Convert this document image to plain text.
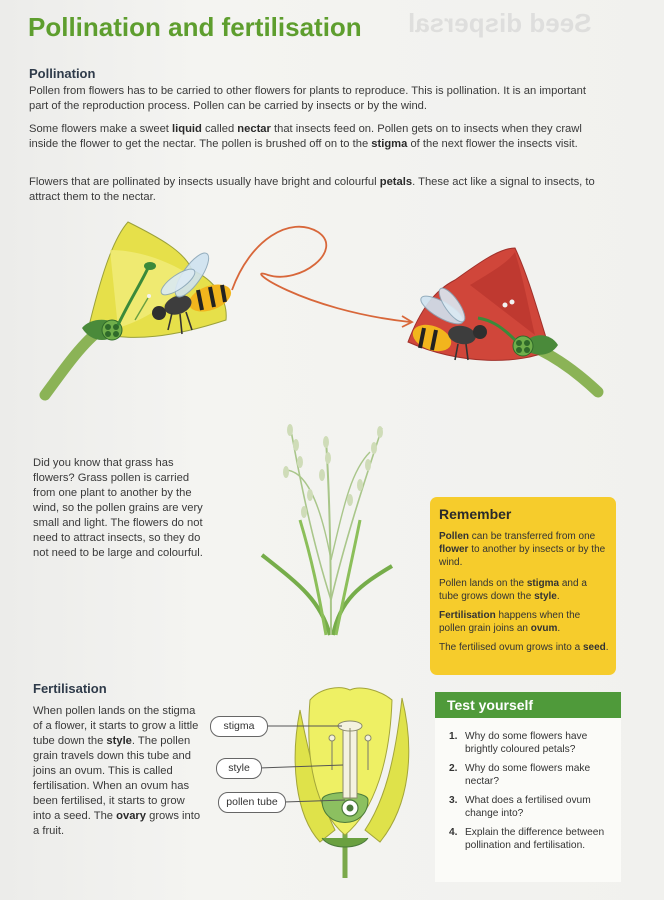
Seed dispersal
Pollination and fertilisation
Pollination
Pollen from flowers has to be carried to other flowers for plants to reproduce. This is pollination. It is an important part of the reproduction process. Pollen can be carried by insects or by the wind.
Some flowers make a sweet liquid called nectar that insects feed on. Pollen gets on to insects when they crawl inside the flower to get the nectar. The pollen is brushed off on to the stigma of the next flower the insects visit.
Flowers that are pollinated by insects usually have bright and colourful petals. These act like a signal to insects, to attract them to the nectar.
Did you know that grass has flowers? Grass pollen is carried from one plant to another by the wind, so the pollen grains are very small and light. The flowers do not need to attract insects, so they do not need to be large and colourful.
Remember
Pollen can be transferred from one flower to another by insects or by the wind.
Pollen lands on the stigma and a tube grows down the style.
Fertilisation happens when the pollen grain joins an ovum.
The fertilised ovum grows into a seed.
Fertilisation
When pollen lands on the stigma of a flower, it starts to grow a little tube down the style. The pollen grain travels down this tube and joins an ovum. This is called fertilisation. When an ovum has been fertilised, it starts to grow into a seed. The ovary grows into a fruit.
stigma
style
pollen tube
Test yourself
1. Why do some flowers have brightly coloured petals?
2. Why do some flowers make nectar?
3. What does a fertilised ovum change into?
4. Explain the difference between pollination and fertilisation.
